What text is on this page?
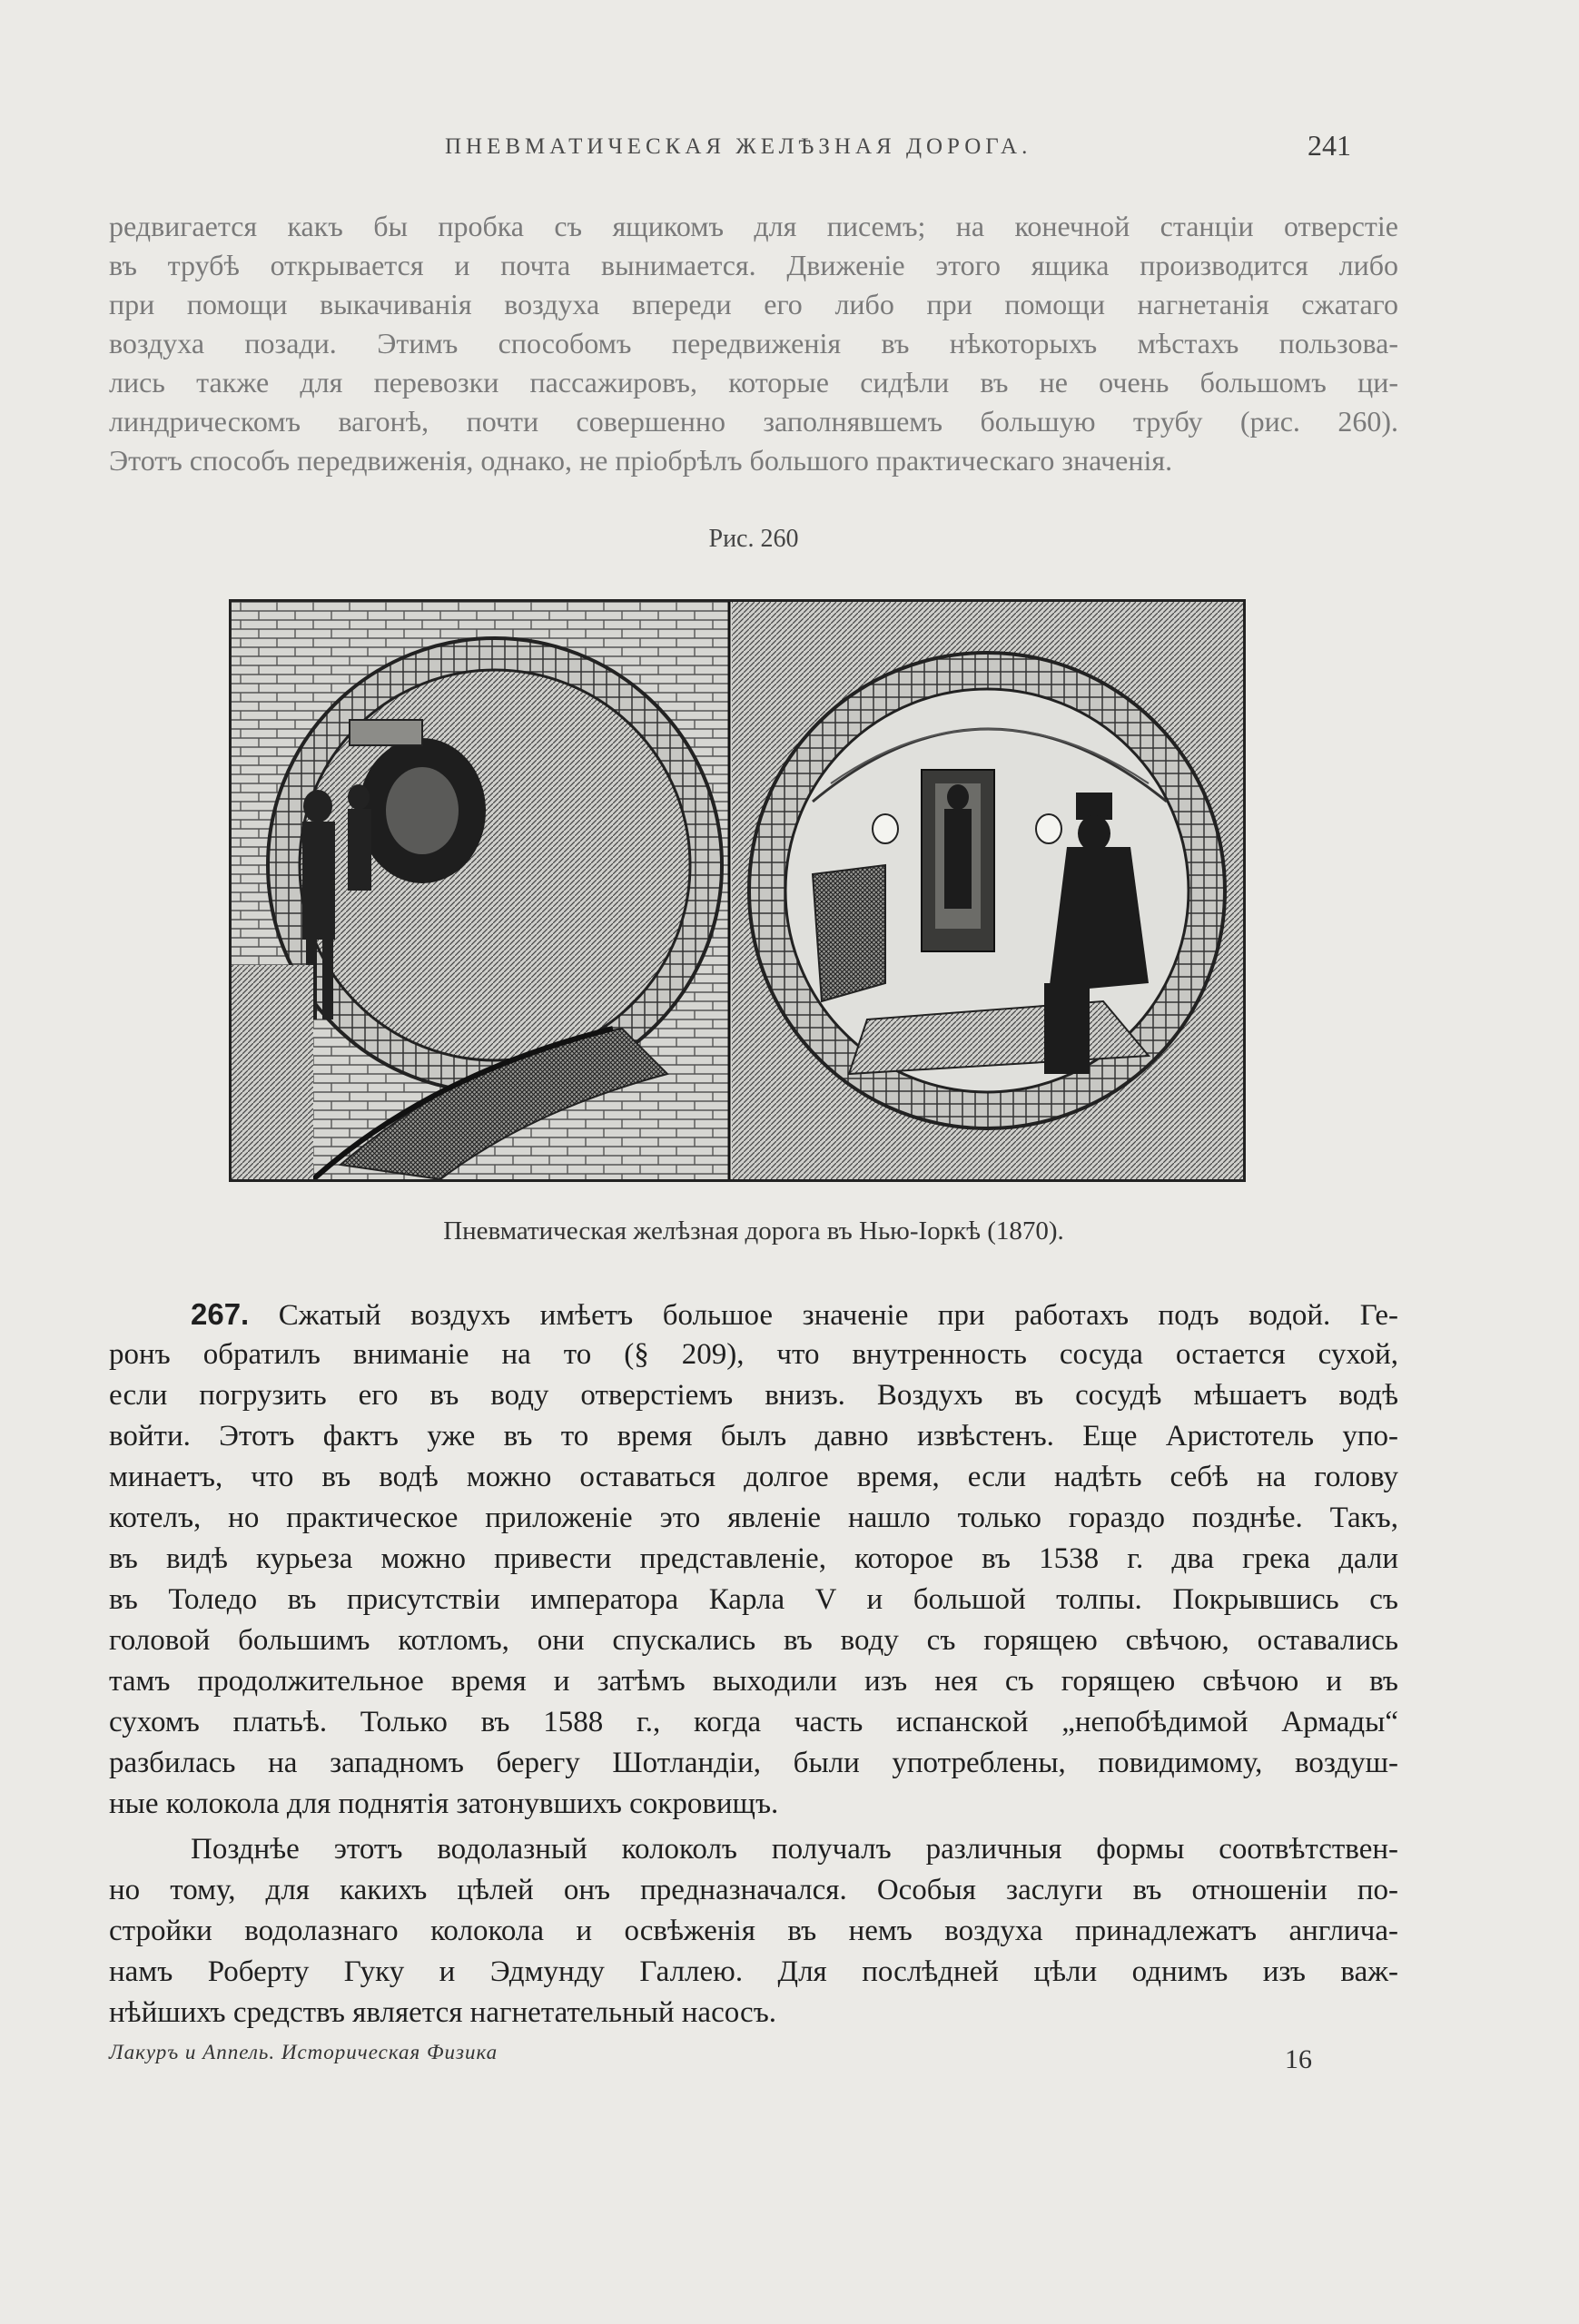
ПНЕВМАТИЧЕСКАЯ ЖЕЛѢЗНАЯ ДОРОГА.	241
редвигается какъ бы пробка съ ящикомъ для писемъ; на конечной станціи отверстіе
въ трубѣ открывается и почта вынимается. Движеніе этого ящика производится либо
при помощи выкачиванія воздуха впереди его либо при помощи нагнетанія сжатаго
воздуха позади. Этимъ способомъ передвиженія въ нѣкоторыхъ мѣстахъ пользова-
лись также для перевозки пассажировъ, которые сидѣли въ не очень большомъ ци-
линдрическомъ вагонѣ, почти совершенно заполнявшемъ большую трубу (рис. 260).
Этотъ способъ передвиженія, однако, не пріобрѣлъ большого практическаго значенія.
Рис. 260
Пневматическая желѣзная дорога въ Нью-Іоркѣ (1870).
267. Сжатый воздухъ имѣетъ большое значеніе при работахъ подъ водой. Ге-
ронъ обратилъ вниманіе на то (§ 209), что внутренность сосуда остается сухой,
если погрузить его въ воду отверстіемъ внизъ. Воздухъ въ сосудѣ мѣшаетъ водѣ
войти. Этотъ фактъ уже въ то время былъ давно извѣстенъ. Еще Аристотель упо-
минаетъ, что въ водѣ можно оставаться долгое время, если надѣть себѣ на голову
котелъ, но практическое приложеніе это явленіе нашло только гораздо позднѣе. Такъ,
въ видѣ курьеза можно привести представленіе, которое въ 1538 г. два грека дали
въ Толедо въ присутствіи императора Карла V и большой толпы. Покрывшись съ
головой большимъ котломъ, они спускались въ воду съ горящею свѣчою, оставались
тамъ продолжительное время и затѣмъ выходили изъ нея съ горящею свѣчою и въ
сухомъ платьѣ. Только въ 1588 г., когда часть испанской „непобѣдимой Армады“
разбилась на западномъ берегу Шотландіи, были употреблены, повидимому, воздуш-
ные колокола для поднятія затонувшихъ сокровищъ.
Позднѣе этотъ водолазный колоколъ получалъ различныя формы соотвѣтствен-
но тому, для какихъ цѣлей онъ предназначался. Особыя заслуги въ отношеніи по-
стройки водолазнаго колокола и освѣженія въ немъ воздуха принадлежатъ англича-
намъ Роберту Гуку и Эдмунду Галлею. Для послѣдней цѣли однимъ изъ важ-
нѣйшихъ средствъ является нагнетательный насосъ.
Лакуръ и Аппель. Историческая Физика	16
